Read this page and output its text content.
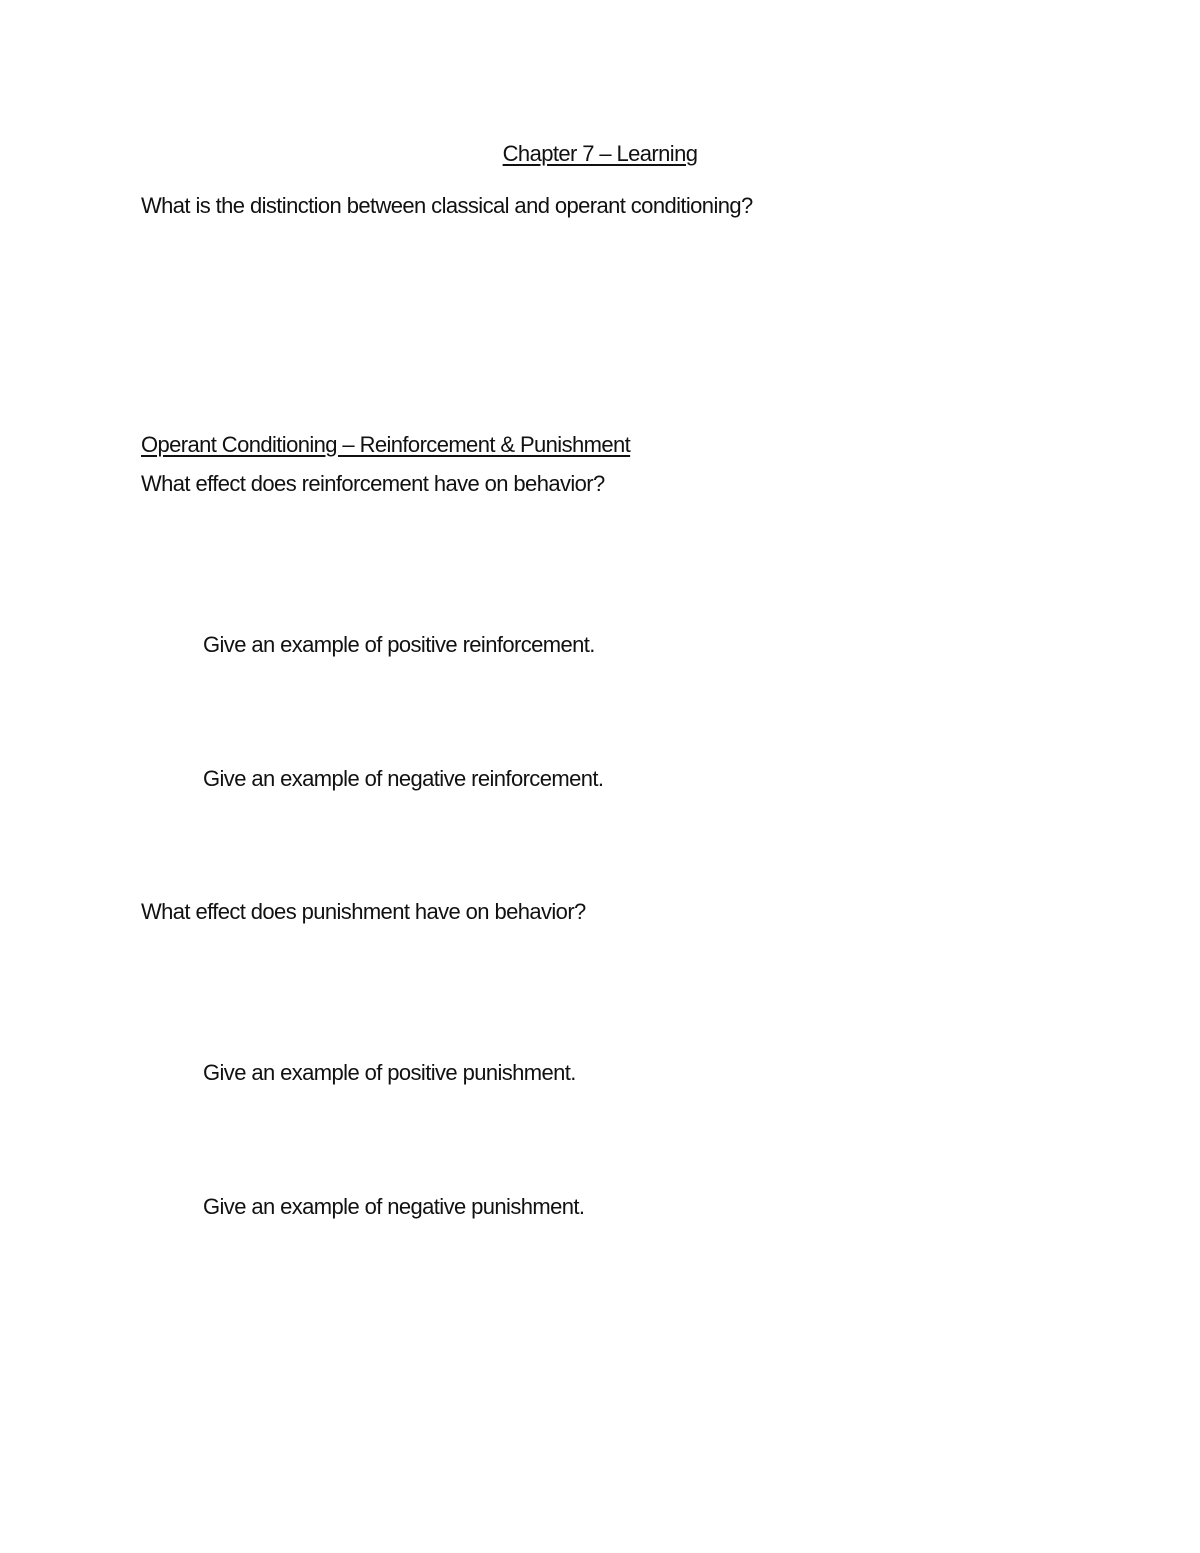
Chapter 7 – Learning
What is the distinction between classical and operant conditioning?
Operant Conditioning – Reinforcement & Punishment
What effect does reinforcement have on behavior?
Give an example of positive reinforcement.
Give an example of negative reinforcement.
What effect does punishment have on behavior?
Give an example of positive punishment.
Give an example of negative punishment.
